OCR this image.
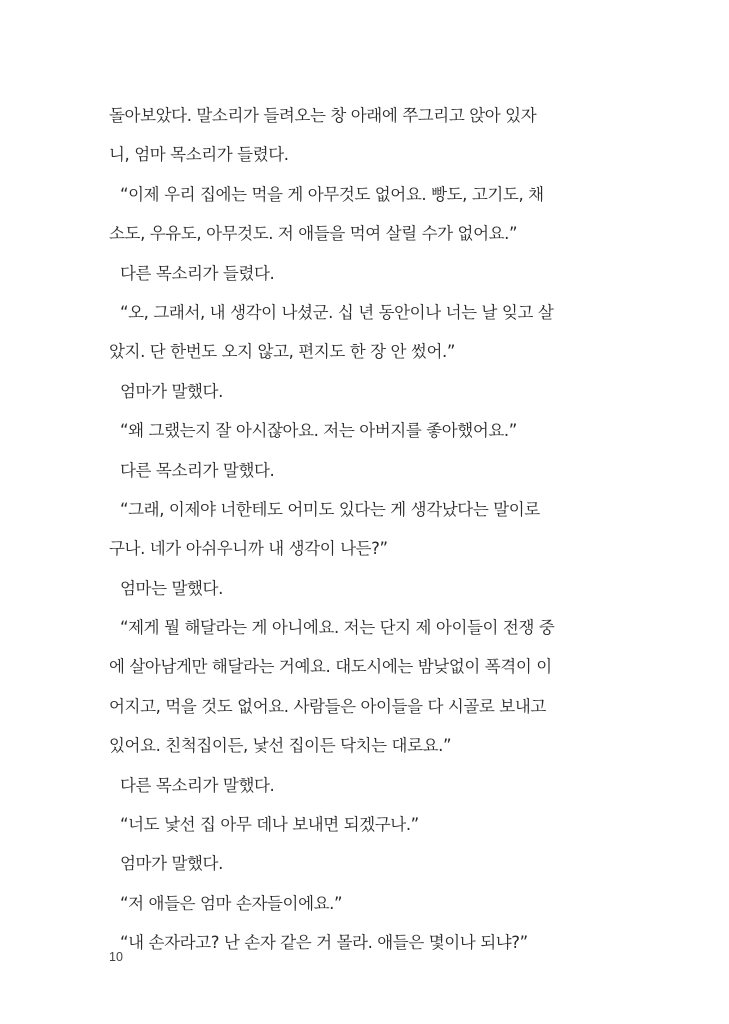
돌아보았다. 말소리가 들려오는 창 아래에 쭈그리고 앉아 있자
니, 엄마 목소리가 들렸다.
“이제 우리 집에는 먹을 게 아무것도 없어요. 빵도, 고기도, 채
소도, 우유도, 아무것도. 저 애들을 먹여 살릴 수가 없어요.”
다른 목소리가 들렸다.
“오, 그래서, 내 생각이 나셨군. 십 년 동안이나 너는 날 잊고 살
았지. 단 한번도 오지 않고, 편지도 한 장 안 썼어.”
엄마가 말했다.
“왜 그랬는지 잘 아시잖아요. 저는 아버지를 좋아했어요.”
다른 목소리가 말했다.
“그래, 이제야 너한테도 어미도 있다는 게 생각났다는 말이로
구나. 네가 아쉬우니까 내 생각이 나든?”
엄마는 말했다.
“제게 뭘 해달라는 게 아니에요. 저는 단지 제 아이들이 전쟁 중
에 살아남게만 해달라는 거예요. 대도시에는 밤낮없이 폭격이 이
어지고, 먹을 것도 없어요. 사람들은 아이들을 다 시골로 보내고
있어요. 친척집이든, 낯선 집이든 닥치는 대로요.”
다른 목소리가 말했다.
“너도 낯선 집 아무 데나 보내면 되겠구나.”
엄마가 말했다.
“저 애들은 엄마 손자들이에요.”
“내 손자라고? 난 손자 같은 거 몰라. 애들은 몇이나 되냐?”
10
